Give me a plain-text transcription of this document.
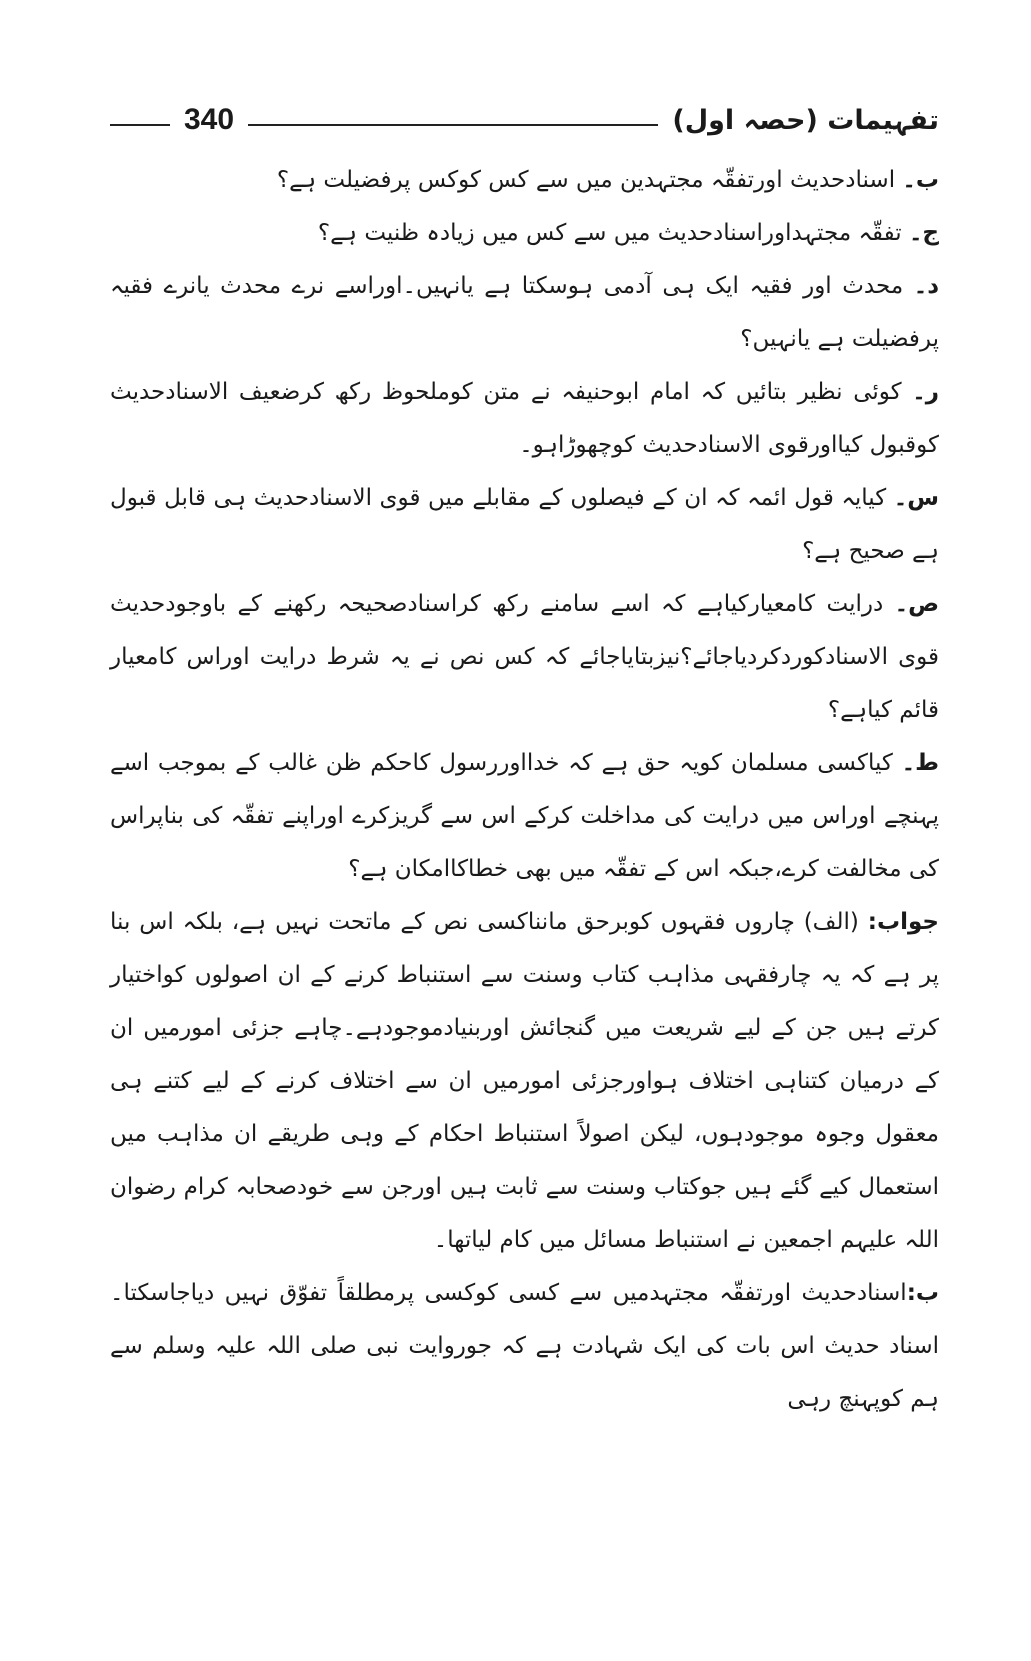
تفہیمات (حصہ اول)
340

ب۔ اسنادحدیث اورتفقّہ مجتہدین میں سے کس کوکس پرفضیلت ہے؟

ج۔ تفقّہ مجتہداوراسنادحدیث میں سے کس میں زیادہ ظنیت ہے؟

د۔ محدث اور فقیہ ایک ہی آدمی ہوسکتا ہے یانہیں۔اوراسے نرے محدث یانرے فقیہ پرفضیلت ہے یانہیں؟

ر۔ کوئی نظیر بتائیں کہ امام ابوحنیفہ نے متن کوملحوظ رکھ کرضعیف الاسنادحدیث کوقبول کیااورقوی الاسنادحدیث کوچھوڑاہو۔

س۔ کیایہ قول ائمہ کہ ان کے فیصلوں کے مقابلے میں قوی الاسنادحدیث ہی قابل قبول ہے صحیح ہے؟

ص۔ درایت کامعیارکیاہے کہ اسے سامنے رکھ کراسنادصحیحہ رکھنے کے باوجودحدیث قوی الاسنادکوردکردیاجائے؟نیزبتایاجائے کہ کس نص نے یہ شرط درایت اوراس کامعیار قائم کیاہے؟

ط۔ کیاکسی مسلمان کویہ حق ہے کہ خدااوررسول کاحکم ظن غالب کے بموجب اسے پہنچے اوراس میں درایت کی مداخلت کرکے اس سے گریزکرے اوراپنے تفقّہ کی بناپراس کی مخالفت کرے،جبکہ اس کے تفقّہ میں بھی خطاکاامکان ہے؟

جواب: (الف) چاروں فقہوں کوبرحق مانناکسی نص کے ماتحت نہیں ہے، بلکہ اس بنا پر ہے کہ یہ چارفقہی مذاہب کتاب وسنت سے استنباط کرنے کے ان اصولوں کواختیار کرتے ہیں جن کے لیے شریعت میں گنجائش اوربنیادموجودہے۔چاہے جزئی امورمیں ان کے درمیان کتناہی اختلاف ہواورجزئی امورمیں ان سے اختلاف کرنے کے لیے کتنے ہی معقول وجوہ موجودہوں، لیکن اصولاً استنباط احکام کے وہی طریقے ان مذاہب میں استعمال کیے گئے ہیں جوکتاب وسنت سے ثابت ہیں اورجن سے خودصحابہ کرام رضوان اللہ علیہم اجمعین نے استنباط مسائل میں کام لیاتھا۔

ب:اسنادحدیث اورتفقّہ مجتہدمیں سے کسی کوکسی پرمطلقاً تفوّق نہیں دیاجاسکتا۔اسناد حدیث اس بات کی ایک شہادت ہے کہ جوروایت نبی صلی اللہ علیہ وسلم سے ہم کوپہنچ رہی
